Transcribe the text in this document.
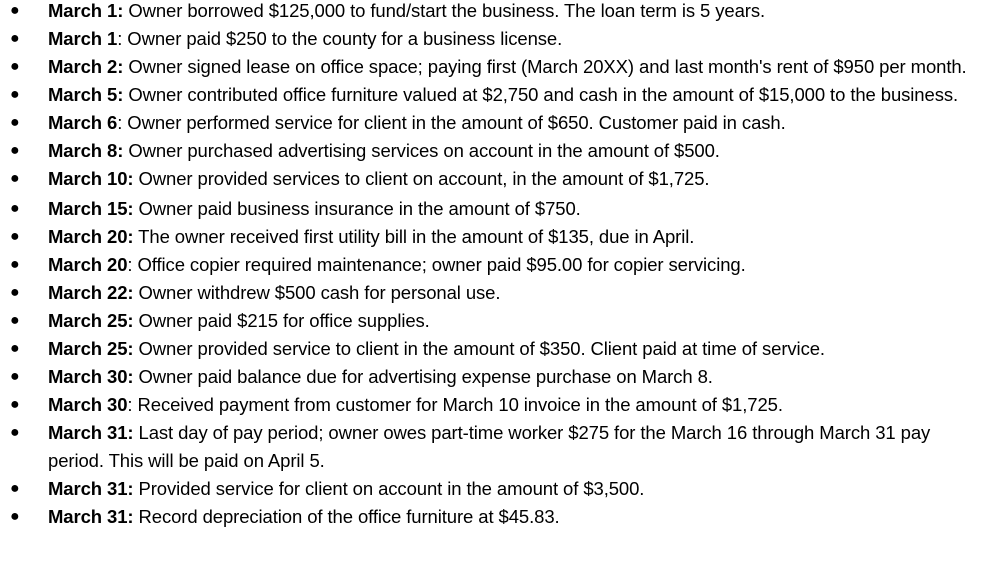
● March 1: Owner borrowed $125,000 to fund/start the business. The loan term is 5 years.
● March 1: Owner paid $250 to the county for a business license.
● March 2: Owner signed lease on office space; paying first (March 20XX) and last month's rent of $950 per month.
● March 5: Owner contributed office furniture valued at $2,750 and cash in the amount of $15,000 to the business.
● March 6: Owner performed service for client in the amount of $650. Customer paid in cash.
● March 8: Owner purchased advertising services on account in the amount of $500.
● March 10: Owner provided services to client on account, in the amount of $1,725.
● March 15: Owner paid business insurance in the amount of $750.
● March 20: The owner received first utility bill in the amount of $135, due in April.
● March 20: Office copier required maintenance; owner paid $95.00 for copier servicing.
● March 22: Owner withdrew $500 cash for personal use.
● March 25: Owner paid $215 for office supplies.
● March 25: Owner provided service to client in the amount of $350. Client paid at time of service.
● March 30: Owner paid balance due for advertising expense purchase on March 8.
● March 30: Received payment from customer for March 10 invoice in the amount of $1,725.
● March 31: Last day of pay period; owner owes part-time worker $275 for the March 16 through March 31 pay period. This will be paid on April 5.
● March 31: Provided service for client on account in the amount of $3,500.
● March 31: Record depreciation of the office furniture at $45.83.
